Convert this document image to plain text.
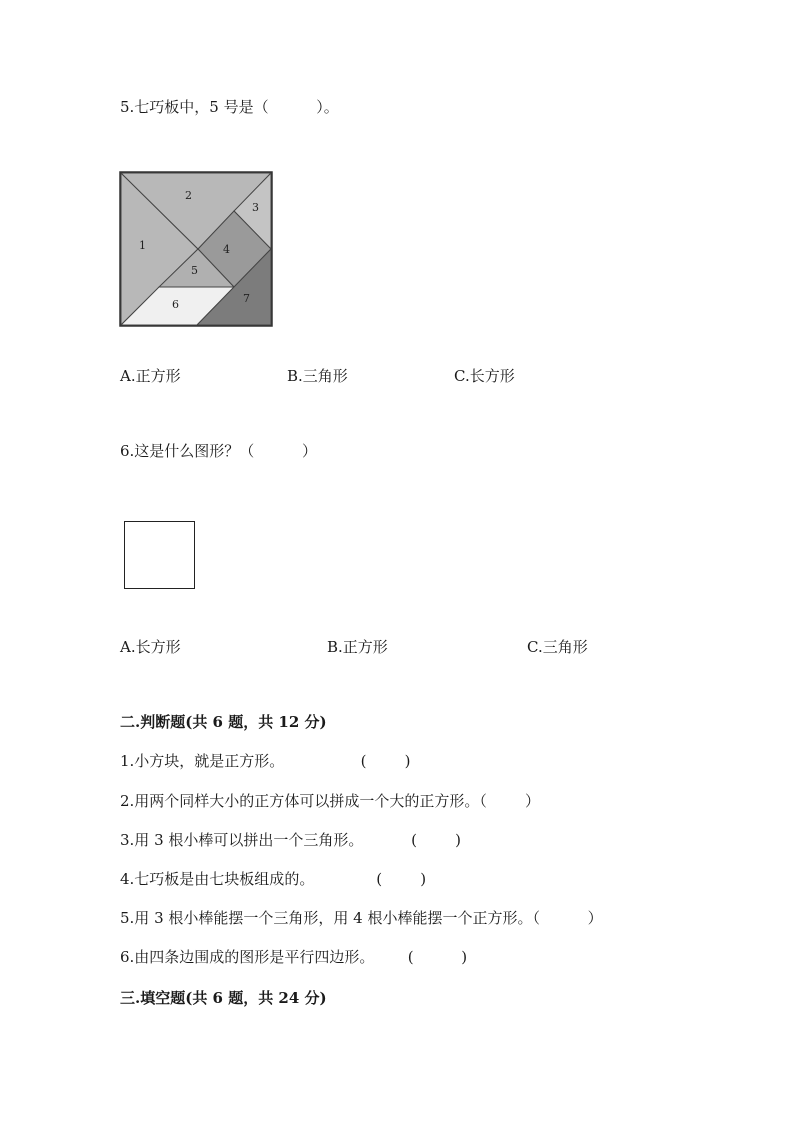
5.七巧板中，5 号是（          ）。
1
2
3
4
5
6	7
A.正方形	B.三角形	C.长方形
6.这是什么图形？（          ）
A.长方形	B.正方形	C.三角形
二.判断题(共 6 题，共 12 分)
1.小方块，就是正方形。                (        )
2.用两个同样大小的正方体可以拼成一个大的正方形。（        ）
3.用 3 根小棒可以拼出一个三角形。          (        )
4.七巧板是由七块板组成的。             (        )
5.用 3 根小棒能摆一个三角形，用 4 根小棒能摆一个正方形。（          ）
6.由四条边围成的图形是平行四边形。       (          )
三.填空题(共 6 题，共 24 分)
